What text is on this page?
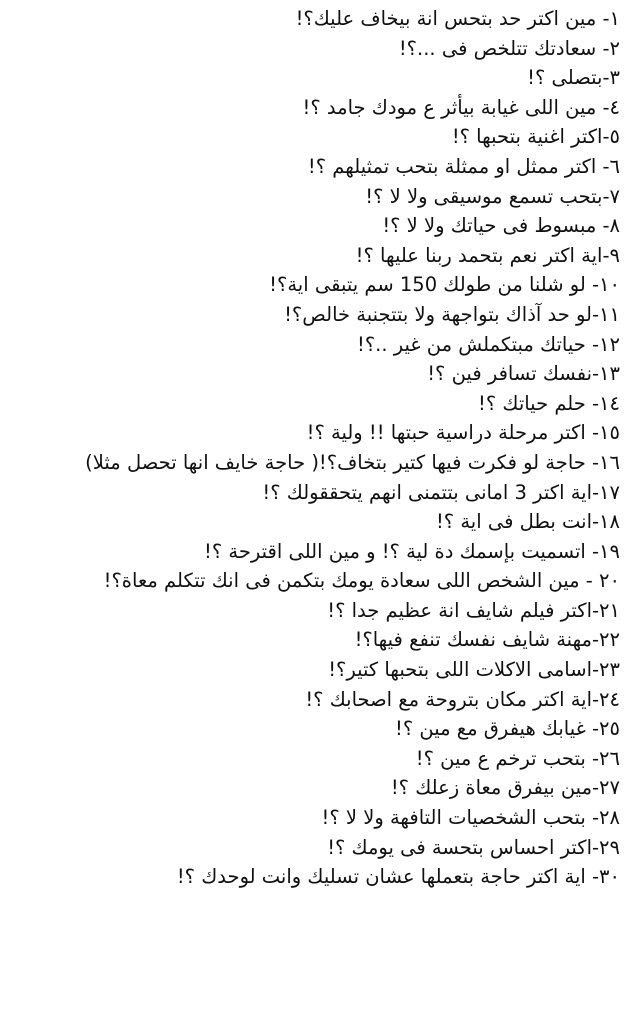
١- مين اكتر حد بتحس انة بيخاف عليك؟!
٢- سعادتك تتلخص فى ...؟!
٣-بتصلى ؟!
٤- مين اللى غيابة بيأثر ع مودك جامد ؟!
٥-اكتر اغنية بتحبها ؟!
٦- اكتر ممثل او ممثلة بتحب تمثيلهم ؟!
٧-بتحب تسمع موسيقى ولا لا ؟!
٨- مبسوط فى حياتك ولا لا ؟!
٩-اية اكتر نعم بتحمد ربنا عليها ؟!
١٠- لو شلنا من طولك 150 سم يتبقى اية؟!
١١-لو حد آذاك بتواجهة ولا بتتجنبة خالص؟!
١٢- حياتك مبتكملش من غير ..؟!
١٣-نفسك تسافر فين ؟!
١٤- حلم حياتك ؟!
١٥- اكتر مرحلة دراسية حبتها !! ولية ؟!
١٦- حاجة لو فكرت فيها كتير بتخاف؟!( حاجة خايف انها تحصل مثلا)
١٧-اية اكتر 3 امانى بتتمنى انهم يتحققولك ؟!
١٨-انت بطل فى اية ؟!
١٩- اتسميت بإسمك دة لية ؟! و مين اللى اقترحة ؟!
٢٠ - مين الشخص اللى سعادة يومك بتكمن فى انك تتكلم معاة؟!
٢١-اكتر فيلم شايف انة عظيم جدا ؟!
٢٢-مهنة شايف نفسك تنفع فيها؟!
٢٣-اسامى الاكلات اللى بتحبها كتير؟!
٢٤-اية اكتر مكان بتروحة مع اصحابك ؟!
٢٥- غيابك هيفرق مع مين ؟!
٢٦- بتحب ترخم ع مين ؟!
٢٧-مين بيفرق معاة زعلك ؟!
٢٨- بتحب الشخصيات التافهة ولا لا ؟!
٢٩-اكتر احساس بتحسة فى يومك ؟!
٣٠- اية اكتر حاجة بتعملها عشان تسليك وانت لوحدك ؟!
